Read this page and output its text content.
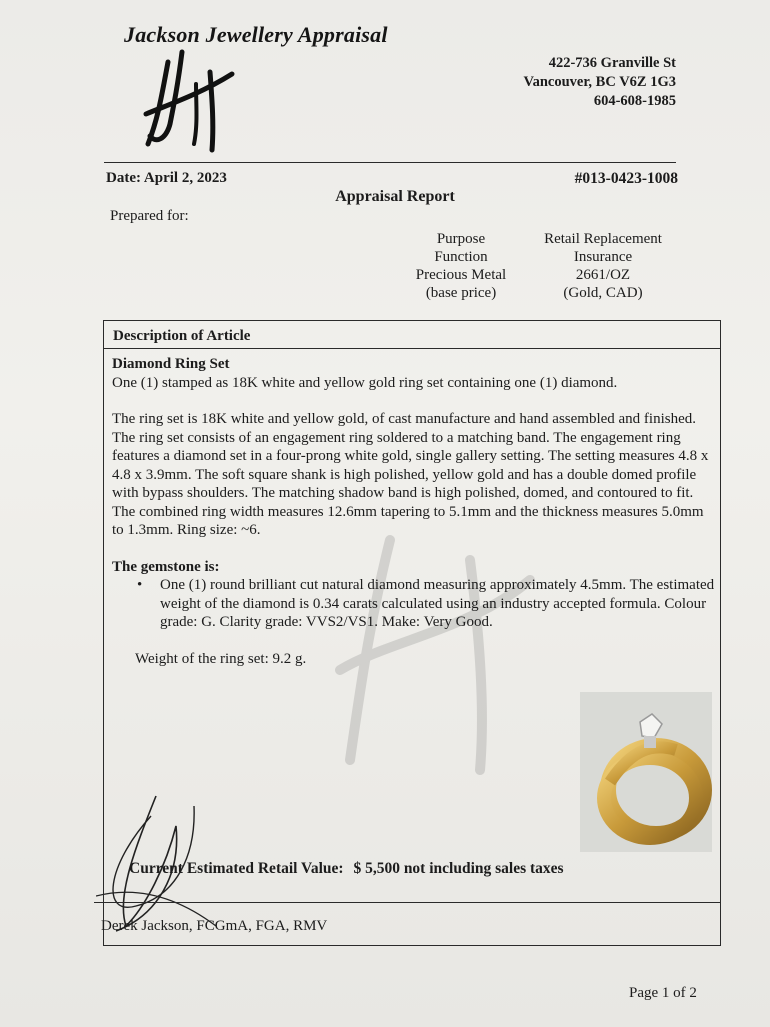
Jackson Jewellery Appraisal
422-736 Granville St
Vancouver, BC V6Z 1G3
604-608-1985
Date: April 2, 2023	#013-0423-1008
Appraisal Report
Prepared for:
Purpose	Retail Replacement
Function	Insurance
Precious Metal	2661/OZ
(base price)	(Gold, CAD)
Description of Article

Diamond Ring Set

One (1) stamped as 18K white and yellow gold ring set containing one (1) diamond.

The ring set is 18K white and yellow gold, of cast manufacture and hand assembled and finished. The ring set consists of an engagement ring soldered to a matching band. The engagement ring features a diamond set in a four-prong white gold, single gallery setting. The setting measures 4.8 x 4.8 x 3.9mm. The soft square shank is high polished, yellow gold and has a double domed profile with bypass shoulders. The matching shadow band is high polished, domed, and contoured to fit. The combined ring width measures 12.6mm tapering to 5.1mm and the thickness measures 5.0mm to 1.3mm. Ring size: ~6.

The gemstone is:

• One (1) round brilliant cut natural diamond measuring approximately 4.5mm. The estimated weight of the diamond is 0.34 carats calculated using an industry accepted formula. Colour grade: G. Clarity grade: VVS2/VS1. Make: Very Good.

Weight of the ring set: 9.2 g.

Current Estimated Retail Value: $ 5,500 not including sales taxes
Derek Jackson, FCGmA, FGA, RMV
Page 1 of 2
